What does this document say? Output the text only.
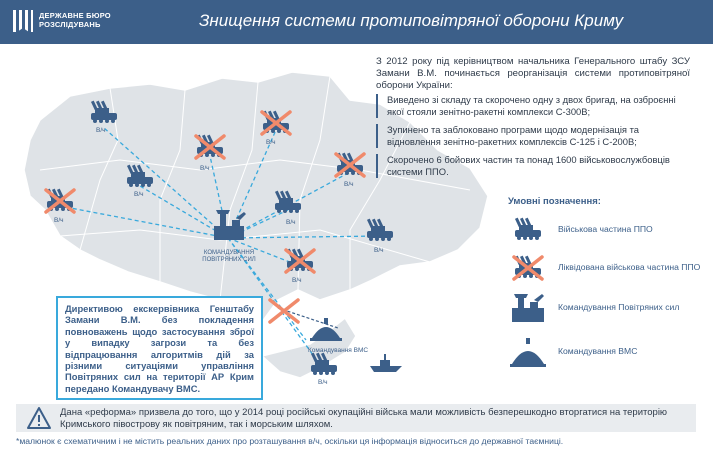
ДЕРЖАВНЕ БЮРО
РОЗСЛІДУВАНЬ	Знищення системи протиповітряної оборони Криму
В/ч
В/ч
В/ч
В/ч
В/ч	В/ч
В/ч
В/ч
В/ч
В/ч
КОМАНДУВАННЯ
ПОВІТРЯНИХ СИЛ
Командування ВМС
З 2012 року під керівництвом начальника Генерального штабу ЗСУ Замани В.М. починається реорганізація системи протиповітряної оборони України:
Виведено зі складу та скорочено одну з двох бригад, на озброєнні якої стояли зенітно-ракетні комплекси С-300В;
Зупинено та заблоковано програми щодо модернізація та відновлення зенітно-ракетних комплексів С-125 і С-200В;
Скорочено 6 бойових частин та понад 1600 військовослужбовців системи ППО.
Умовні позначення:
Військова частина ППО
Ліквідована військова частина ППО
Командування Повітряних сил
Командування ВМС
Директивою екскервівника Генштабу Замани В.М. без покладення повноважень щодо застосування зброї у випадку загрози та без відпрацювання алгоритмів дій за різними ситуаціями управління Повітряних сил на території АР Крим передано Командувачу ВМС.
Дана «реформа» призвела до того, що у 2014 році російські окупаційні війська мали можливість безперешкодно вторгатися на територію Кримського півострову як повітряним, так і морським шляхом.
*малюнок є схематичним і не містить реальних даних про розташування в/ч, оскільки ця інформація відноситься до державної таємниці.
